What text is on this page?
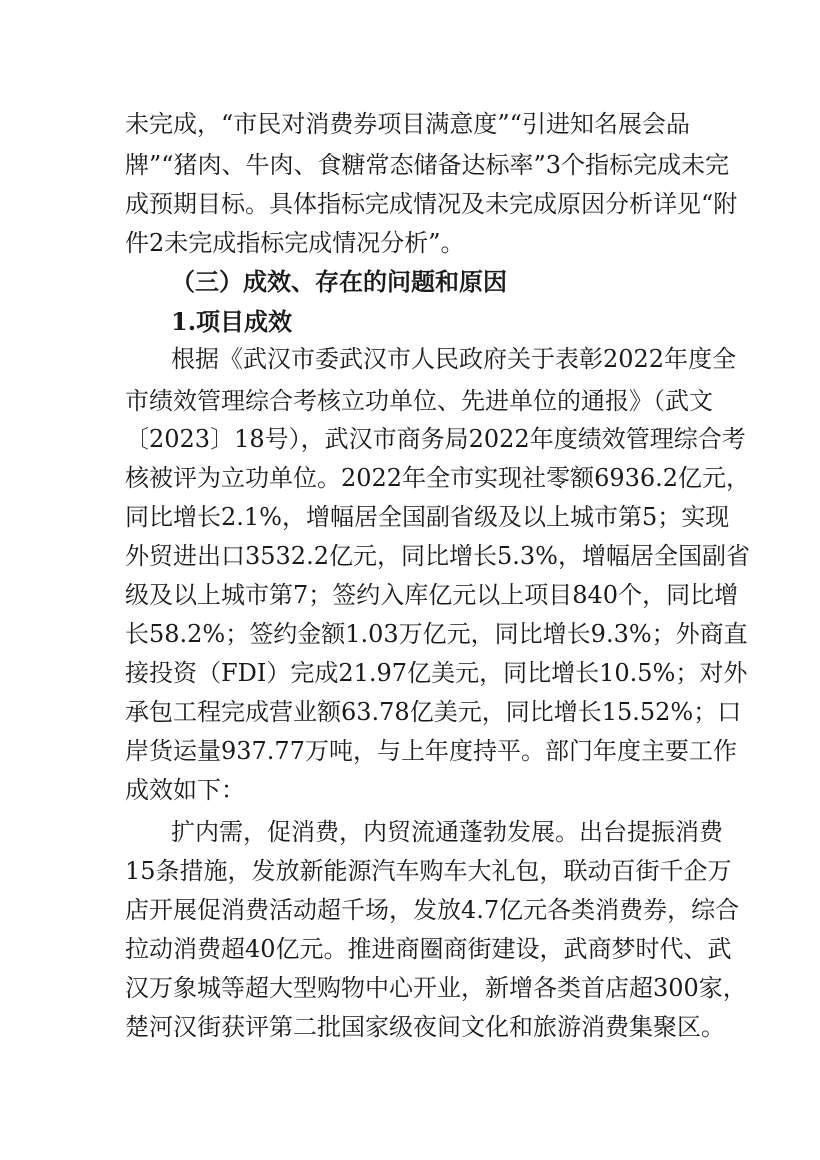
未完成，“市民对消费券项目满意度”“引进知名展会品

牌”“猪肉、牛肉、食糖常态储备达标率”3个指标完成未完

成预期目标。具体指标完成情况及未完成原因分析详见“附

件2未完成指标完成情况分析”。

（三）成效、存在的问题和原因

1.项目成效

根据《武汉市委武汉市人民政府关于表彰2022年度全

市绩效管理综合考核立功单位、先进单位的通报》（武文

〔2023〕18号），武汉市商务局2022年度绩效管理综合考

核被评为立功单位。2022年全市实现社零额6936.2亿元，

同比增长2.1%，增幅居全国副省级及以上城市第5；实现

外贸进出口3532.2亿元，同比增长5.3%，增幅居全国副省

级及以上城市第7；签约入库亿元以上项目840个，同比增

长58.2%；签约金额1.03万亿元，同比增长9.3%；外商直

接投资（FDI）完成21.97亿美元，同比增长10.5%；对外

承包工程完成营业额63.78亿美元，同比增长15.52%；口

岸货运量937.77万吨，与上年度持平。部门年度主要工作

成效如下：

扩内需，促消费，内贸流通蓬勃发展。出台提振消费

15条措施，发放新能源汽车购车大礼包，联动百街千企万

店开展促消费活动超千场，发放4.7亿元各类消费券，综合

拉动消费超40亿元。推进商圈商街建设，武商梦时代、武

汉万象城等超大型购物中心开业，新增各类首店超300家，

楚河汉街获评第二批国家级夜间文化和旅游消费集聚区。
